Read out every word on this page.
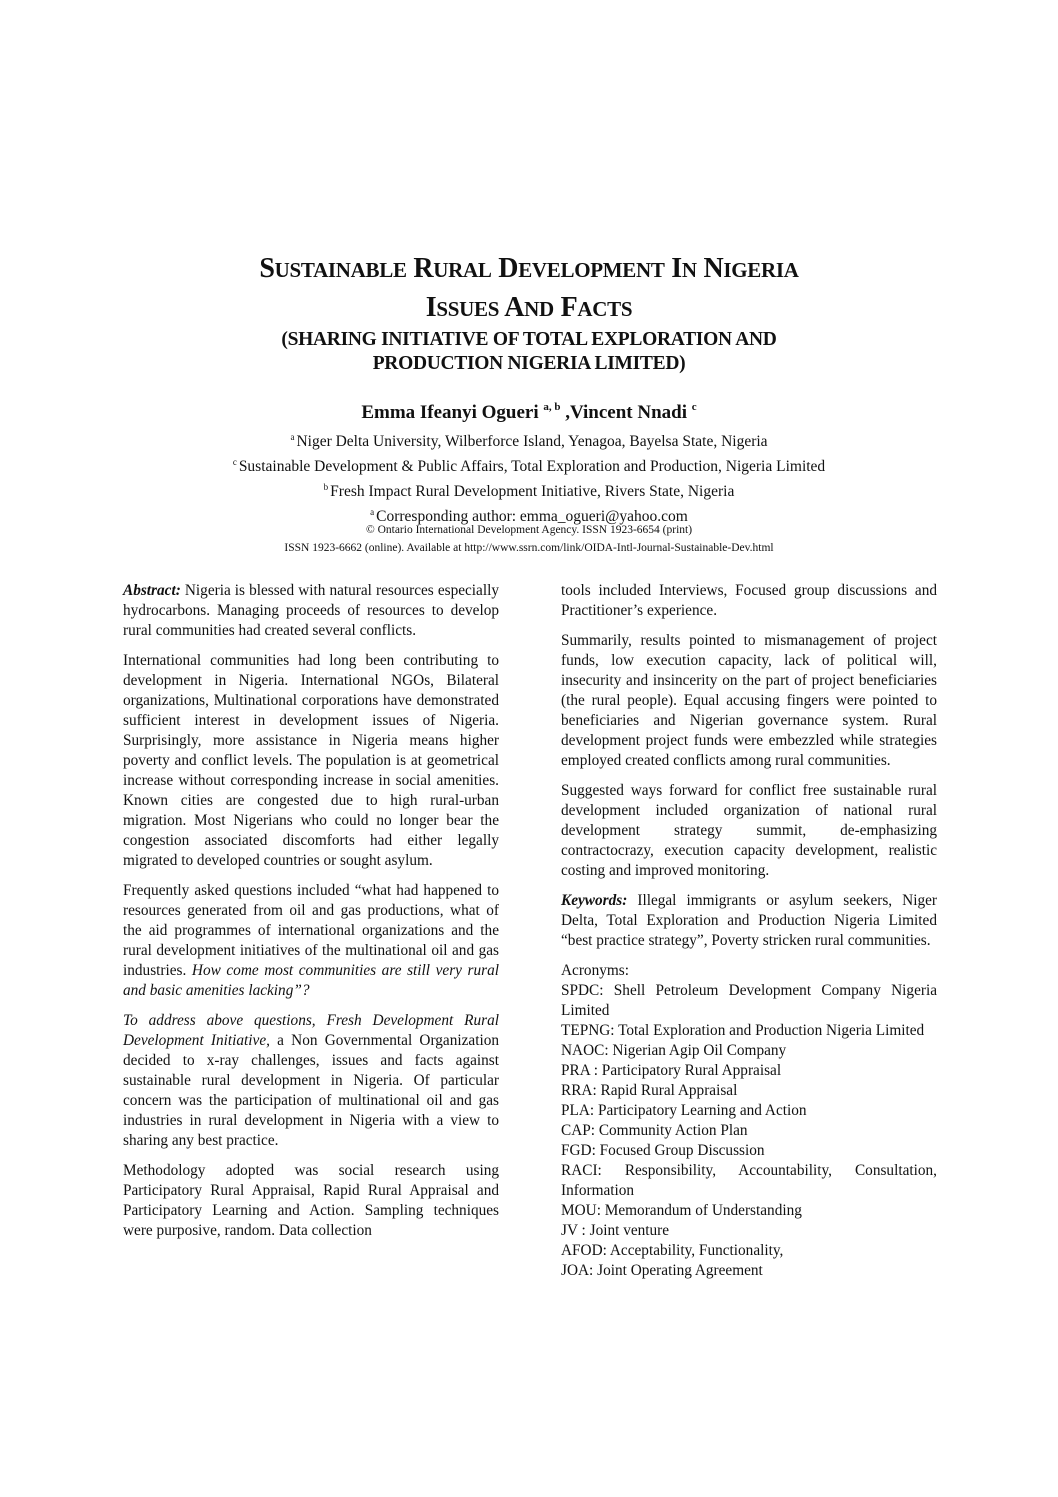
SUSTAINABLE RURAL DEVELOPMENT IN NIGERIA
ISSUES AND FACTS
(SHARING INITIATIVE OF TOTAL EXPLORATION AND
PRODUCTION NIGERIA LIMITED)
Emma Ifeanyi Ogueri $^{a, b}$ ,Vincent Nnadi $^c$
$^a$ Niger Delta University, Wilberforce Island, Yenagoa, Bayelsa State, Nigeria
$^c$ Sustainable Development & Public Affairs, Total Exploration and Production, Nigeria Limited
$^b$ Fresh Impact Rural Development Initiative, Rivers State, Nigeria
$^a$ Corresponding author: emma_ogueri@yahoo.com
© Ontario International Development Agency. ISSN 1923-6654 (print)
ISSN 1923-6662 (online). Available at http://www.ssrn.com/link/OIDA-Intl-Journal-Sustainable-Dev.html

Abstract: Nigeria is blessed with natural resources especially hydrocarbons. Managing proceeds of resources to develop rural communities had created several conflicts.

International communities had long been contributing to development in Nigeria. International NGOs, Bilateral organizations, Multinational corporations have demonstrated sufficient interest in development issues of Nigeria. Surprisingly, more assistance in Nigeria means higher poverty and conflict levels. The population is at geometrical increase without corresponding increase in social amenities. Known cities are congested due to high rural-urban migration. Most Nigerians who could no longer bear the congestion associated discomforts had either legally migrated to developed countries or sought asylum.

Frequently asked questions included “what had happened to resources generated from oil and gas productions, what of the aid programmes of international organizations and the rural development initiatives of the multinational oil and gas industries. How come most communities are still very rural and basic amenities lacking”?

To address above questions, Fresh Development Rural Development Initiative, a Non Governmental Organization decided to x-ray challenges, issues and facts against sustainable rural development in Nigeria. Of particular concern was the participation of multinational oil and gas industries in rural development in Nigeria with a view to sharing any best practice.

Methodology adopted was social research using Participatory Rural Appraisal, Rapid Rural Appraisal and Participatory Learning and Action. Sampling techniques were purposive, random. Data collection

tools included Interviews, Focused group discussions and Practitioner’s experience.

Summarily, results pointed to mismanagement of project funds, low execution capacity, lack of political will, insecurity and insincerity on the part of project beneficiaries (the rural people). Equal accusing fingers were pointed to beneficiaries and Nigerian governance system. Rural development project funds were embezzled while strategies employed created conflicts among rural communities.

Suggested ways forward for conflict free sustainable rural development included organization of national rural development strategy summit, de-emphasizing contractocrazy, execution capacity development, realistic costing and improved monitoring.

Keywords: Illegal immigrants or asylum seekers, Niger Delta, Total Exploration and Production Nigeria Limited “best practice strategy”, Poverty stricken rural communities.

Acronyms:
SPDC: Shell Petroleum Development Company Nigeria Limited
TEPNG: Total Exploration and Production Nigeria Limited
NAOC: Nigerian Agip Oil Company
PRA : Participatory Rural Appraisal
RRA: Rapid Rural Appraisal
PLA: Participatory Learning and Action
CAP: Community Action Plan
FGD: Focused Group Discussion
RACI: Responsibility, Accountability, Consultation, Information
MOU: Memorandum of Understanding
JV : Joint venture
AFOD: Acceptability, Functionality,
JOA: Joint Operating Agreement
